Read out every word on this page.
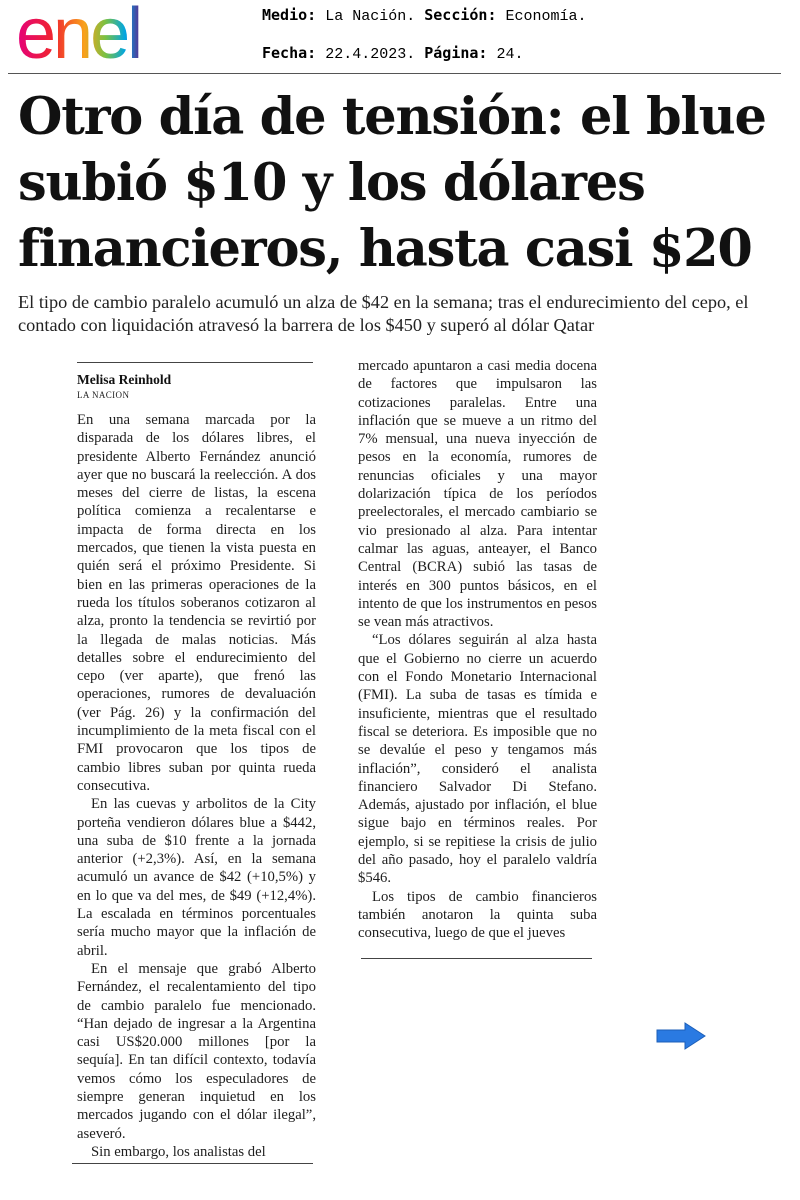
enel	Medio: La Nación. Sección: Economía.

Fecha: 22.4.2023. Página: 24.

Otro día de tensión: el blue subió $10 y los dólares financieros, hasta casi $20

El tipo de cambio paralelo acumuló un alza de $42 en la semana; tras el endurecimiento del cepo, el contado con liquidación atravesó la barrera de los $450 y superó al dólar Qatar

Melisa Reinhold

LA NACION

En una semana marcada por la disparada de los dólares libres, el presidente Alberto Fernández anunció ayer que no buscará la reelección. A dos meses del cierre de listas, la escena política comienza a recalentarse e impacta de forma directa en los mercados, que tienen la vista puesta en quién será el próximo Presidente. Si bien en las primeras operaciones de la rueda los títulos soberanos cotizaron al alza, pronto la tendencia se revirtió por la llegada de malas noticias. Más detalles sobre el endurecimiento del cepo (ver aparte), que frenó las operaciones, rumores de devaluación (ver Pág. 26) y la confirmación del incumplimiento de la meta fiscal con el FMI provocaron que los tipos de cambio libres suban por quinta rueda consecutiva.

En las cuevas y arbolitos de la City porteña vendieron dólares blue a $442, una suba de $10 frente a la jornada anterior (+2,3%). Así, en la semana acumuló un avance de $42 (+10,5%) y en lo que va del mes, de $49 (+12,4%). La escalada en términos porcentuales sería mucho mayor que la inflación de abril.

En el mensaje que grabó Alberto Fernández, el recalentamiento del tipo de cambio paralelo fue mencionado. “Han dejado de ingresar a la Argentina casi US$20.000 millones [por la sequía]. En tan difícil contexto, todavía vemos cómo los especuladores de siempre generan inquietud en los mercados jugando con el dólar ilegal”, aseveró.

Sin embargo, los analistas del

mercado apuntaron a casi media docena de factores que impulsaron las cotizaciones paralelas. Entre una inflación que se mueve a un ritmo del 7% mensual, una nueva inyección de pesos en la economía, rumores de renuncias oficiales y una mayor dolarización típica de los períodos preelectorales, el mercado cambiario se vio presionado al alza. Para intentar calmar las aguas, anteayer, el Banco Central (BCRA) subió las tasas de interés en 300 puntos básicos, en el intento de que los instrumentos en pesos se vean más atractivos.

“Los dólares seguirán al alza hasta que el Gobierno no cierre un acuerdo con el Fondo Monetario Internacional (FMI). La suba de tasas es tímida e insuficiente, mientras que el resultado fiscal se deteriora. Es imposible que no se devalúe el peso y tengamos más inflación”, consideró el analista financiero Salvador Di Stefano. Además, ajustado por inflación, el blue sigue bajo en términos reales. Por ejemplo, si se repitiese la crisis de julio del año pasado, hoy el paralelo valdría $546.

Los tipos de cambio financieros también anotaron la quinta suba consecutiva, luego de que el jueves
